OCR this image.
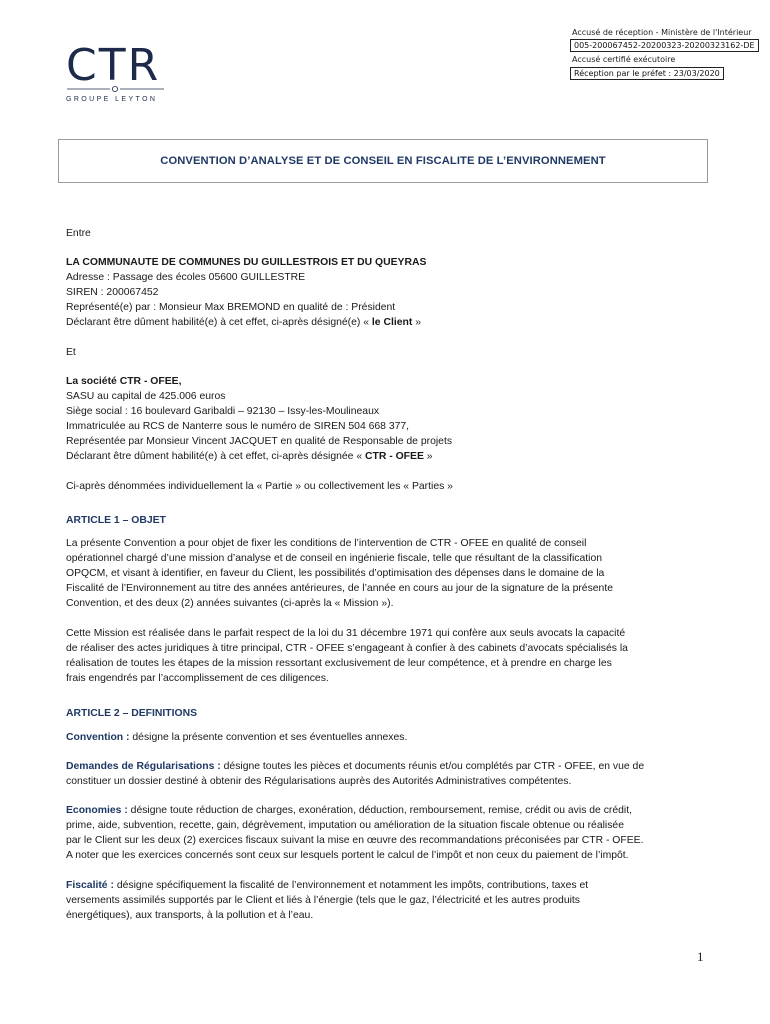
Accusé de réception - Ministère de l'Intérieur
005-200067452-20200323-20200323162-DE
Accusé certifié exécutoire
Réception par le préfet : 23/03/2020
CTR
GROUPE LEYTON
CONVENTION D’ANALYSE ET DE CONSEIL EN FISCALITE DE L’ENVIRONNEMENT
Entre
LA COMMUNAUTE DE COMMUNES DU GUILLESTROIS ET DU QUEYRAS
Adresse : Passage des écoles 05600 GUILLESTRE
SIREN : 200067452
Représenté(e) par : Monsieur Max BREMOND en qualité de : Président
Déclarant être dûment habilité(e) à cet effet, ci-après désigné(e) « le Client »
Et
La société CTR - OFEE,
SASU au capital de 425.006 euros
Siège social : 16 boulevard Garibaldi – 92130 – Issy-les-Moulineaux
Immatriculée au RCS de Nanterre sous le numéro de SIREN 504 668 377,
Représentée par Monsieur Vincent JACQUET en qualité de Responsable de projets
Déclarant être dûment habilité(e) à cet effet, ci-après désignée « CTR - OFEE »
Ci-après dénommées individuellement la « Partie » ou collectivement les « Parties »
ARTICLE 1 – OBJET
La présente Convention a pour objet de fixer les conditions de l’intervention de CTR - OFEE en qualité de conseil
opérationnel chargé d’une mission d’analyse et de conseil en ingénierie fiscale, telle que résultant de la classification
OPQCM, et visant à identifier, en faveur du Client, les possibilités d’optimisation des dépenses dans le domaine de la
Fiscalité de l’Environnement au titre des années antérieures, de l’année en cours au jour de la signature de la présente
Convention, et des deux (2) années suivantes (ci-après la « Mission »).
Cette Mission est réalisée dans le parfait respect de la loi du 31 décembre 1971 qui confère aux seuls avocats la capacité
de réaliser des actes juridiques à titre principal, CTR - OFEE s’engageant à confier à des cabinets d’avocats spécialisés la
réalisation de toutes les étapes de la mission ressortant exclusivement de leur compétence, et à prendre en charge les
frais engendrés par l’accomplissement de ces diligences.
ARTICLE 2 – DEFINITIONS
Convention : désigne la présente convention et ses éventuelles annexes.
Demandes de Régularisations : désigne toutes les pièces et documents réunis et/ou complétés par CTR - OFEE, en vue de
constituer un dossier destiné à obtenir des Régularisations auprès des Autorités Administratives compétentes.
Economies : désigne toute réduction de charges, exonération, déduction, remboursement, remise, crédit ou avis de crédit,
prime, aide, subvention, recette, gain, dégrèvement, imputation ou amélioration de la situation fiscale obtenue ou réalisée
par le Client sur les deux (2) exercices fiscaux suivant la mise en œuvre des recommandations préconisées par CTR - OFEE.
A noter que les exercices concernés sont ceux sur lesquels portent le calcul de l’impôt et non ceux du paiement de l’impôt.
Fiscalité : désigne spécifiquement la fiscalité de l’environnement et notamment les impôts, contributions, taxes et
versements assimilés supportés par le Client et liés à l’énergie (tels que le gaz, l’électricité et les autres produits
énergétiques), aux transports, à la pollution et à l’eau.
1
